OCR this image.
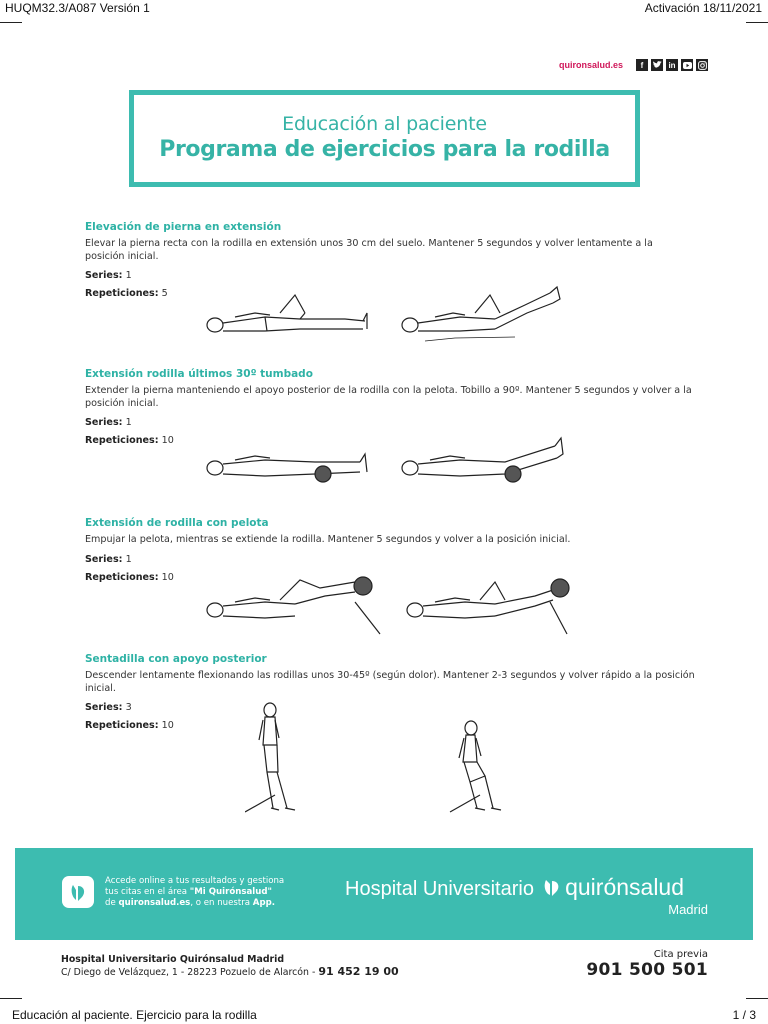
HUQM32.3/A087 Versión 1	Activación 18/11/2021
quironsalud.es	f	in
Educación al paciente
Programa de ejercicios para la rodilla
Elevación de pierna en extensión
Elevar la pierna recta con la rodilla en extensión unos 30 cm del suelo. Mantener 5 segundos y volver lentamente a la posición inicial.
Series: 1
Repeticiones: 5
Extensión rodilla últimos 30º tumbado
Extender la pierna manteniendo el apoyo posterior de la rodilla con la pelota. Tobillo a 90º. Mantener 5 segundos y volver a la posición inicial.
Series: 1
Repeticiones: 10
Extensión de rodilla con pelota
Empujar la pelota, mientras se extiende la rodilla. Mantener 5 segundos y volver a la posición inicial.
Series: 1
Repeticiones: 10
Sentadilla con apoyo posterior
Descender lentamente flexionando las rodillas unos 30-45º (según dolor). Mantener 2-3 segundos y volver rápido a la posición inicial.
Series: 3
Repeticiones: 10
Accede online a tus resultados y gestiona
tus citas en el área "Mi Quirónsalud"
de quironsalud.es, o en nuestra App.
Hospital Universitario quirónsalud
Madrid
Hospital Universitario Quirónsalud Madrid
C/ Diego de Velázquez, 1 - 28223 Pozuelo de Alarcón - 91 452 19 00
Cita previa
901 500 501
Educación al paciente. Ejercicio para la rodilla	1 / 3
